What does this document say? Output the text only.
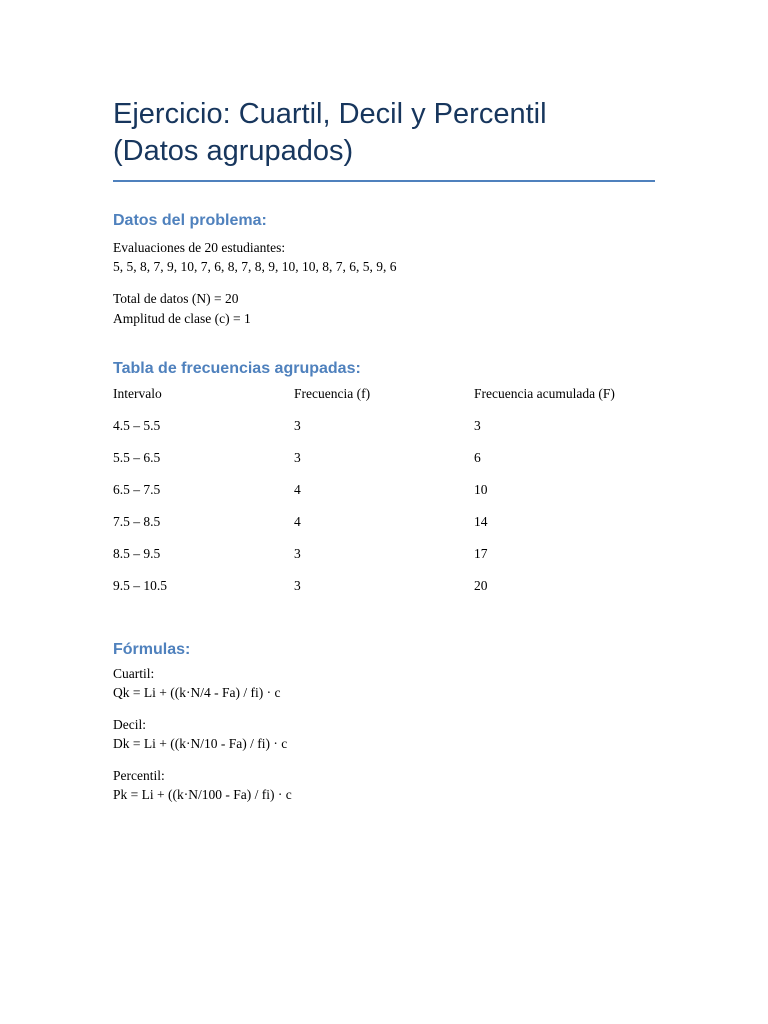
Ejercicio: Cuartil, Decil y Percentil
(Datos agrupados)
Datos del problema:

Evaluaciones de 20 estudiantes:

5, 5, 8, 7, 9, 10, 7, 6, 8, 7, 8, 9, 10, 10, 8, 7, 6, 5, 9, 6

Total de datos (N) = 20

Amplitud de clase (c) = 1

Tabla de frecuencias agrupadas:
Intervalo	Frecuencia (f)	Frecuencia acumulada (F)
4.5 – 5.5	3	3
5.5 – 6.5	3	6
6.5 – 7.5	4	10
7.5 – 8.5	4	14
8.5 – 9.5	3	17
9.5 – 10.5	3	20
Fórmulas:

Cuartil:

Qk = Li + ((k·N/4 - Fa) / fi) · c

Decil:

Dk = Li + ((k·N/10 - Fa) / fi) · c

Percentil:

Pk = Li + ((k·N/100 - Fa) / fi) · c
